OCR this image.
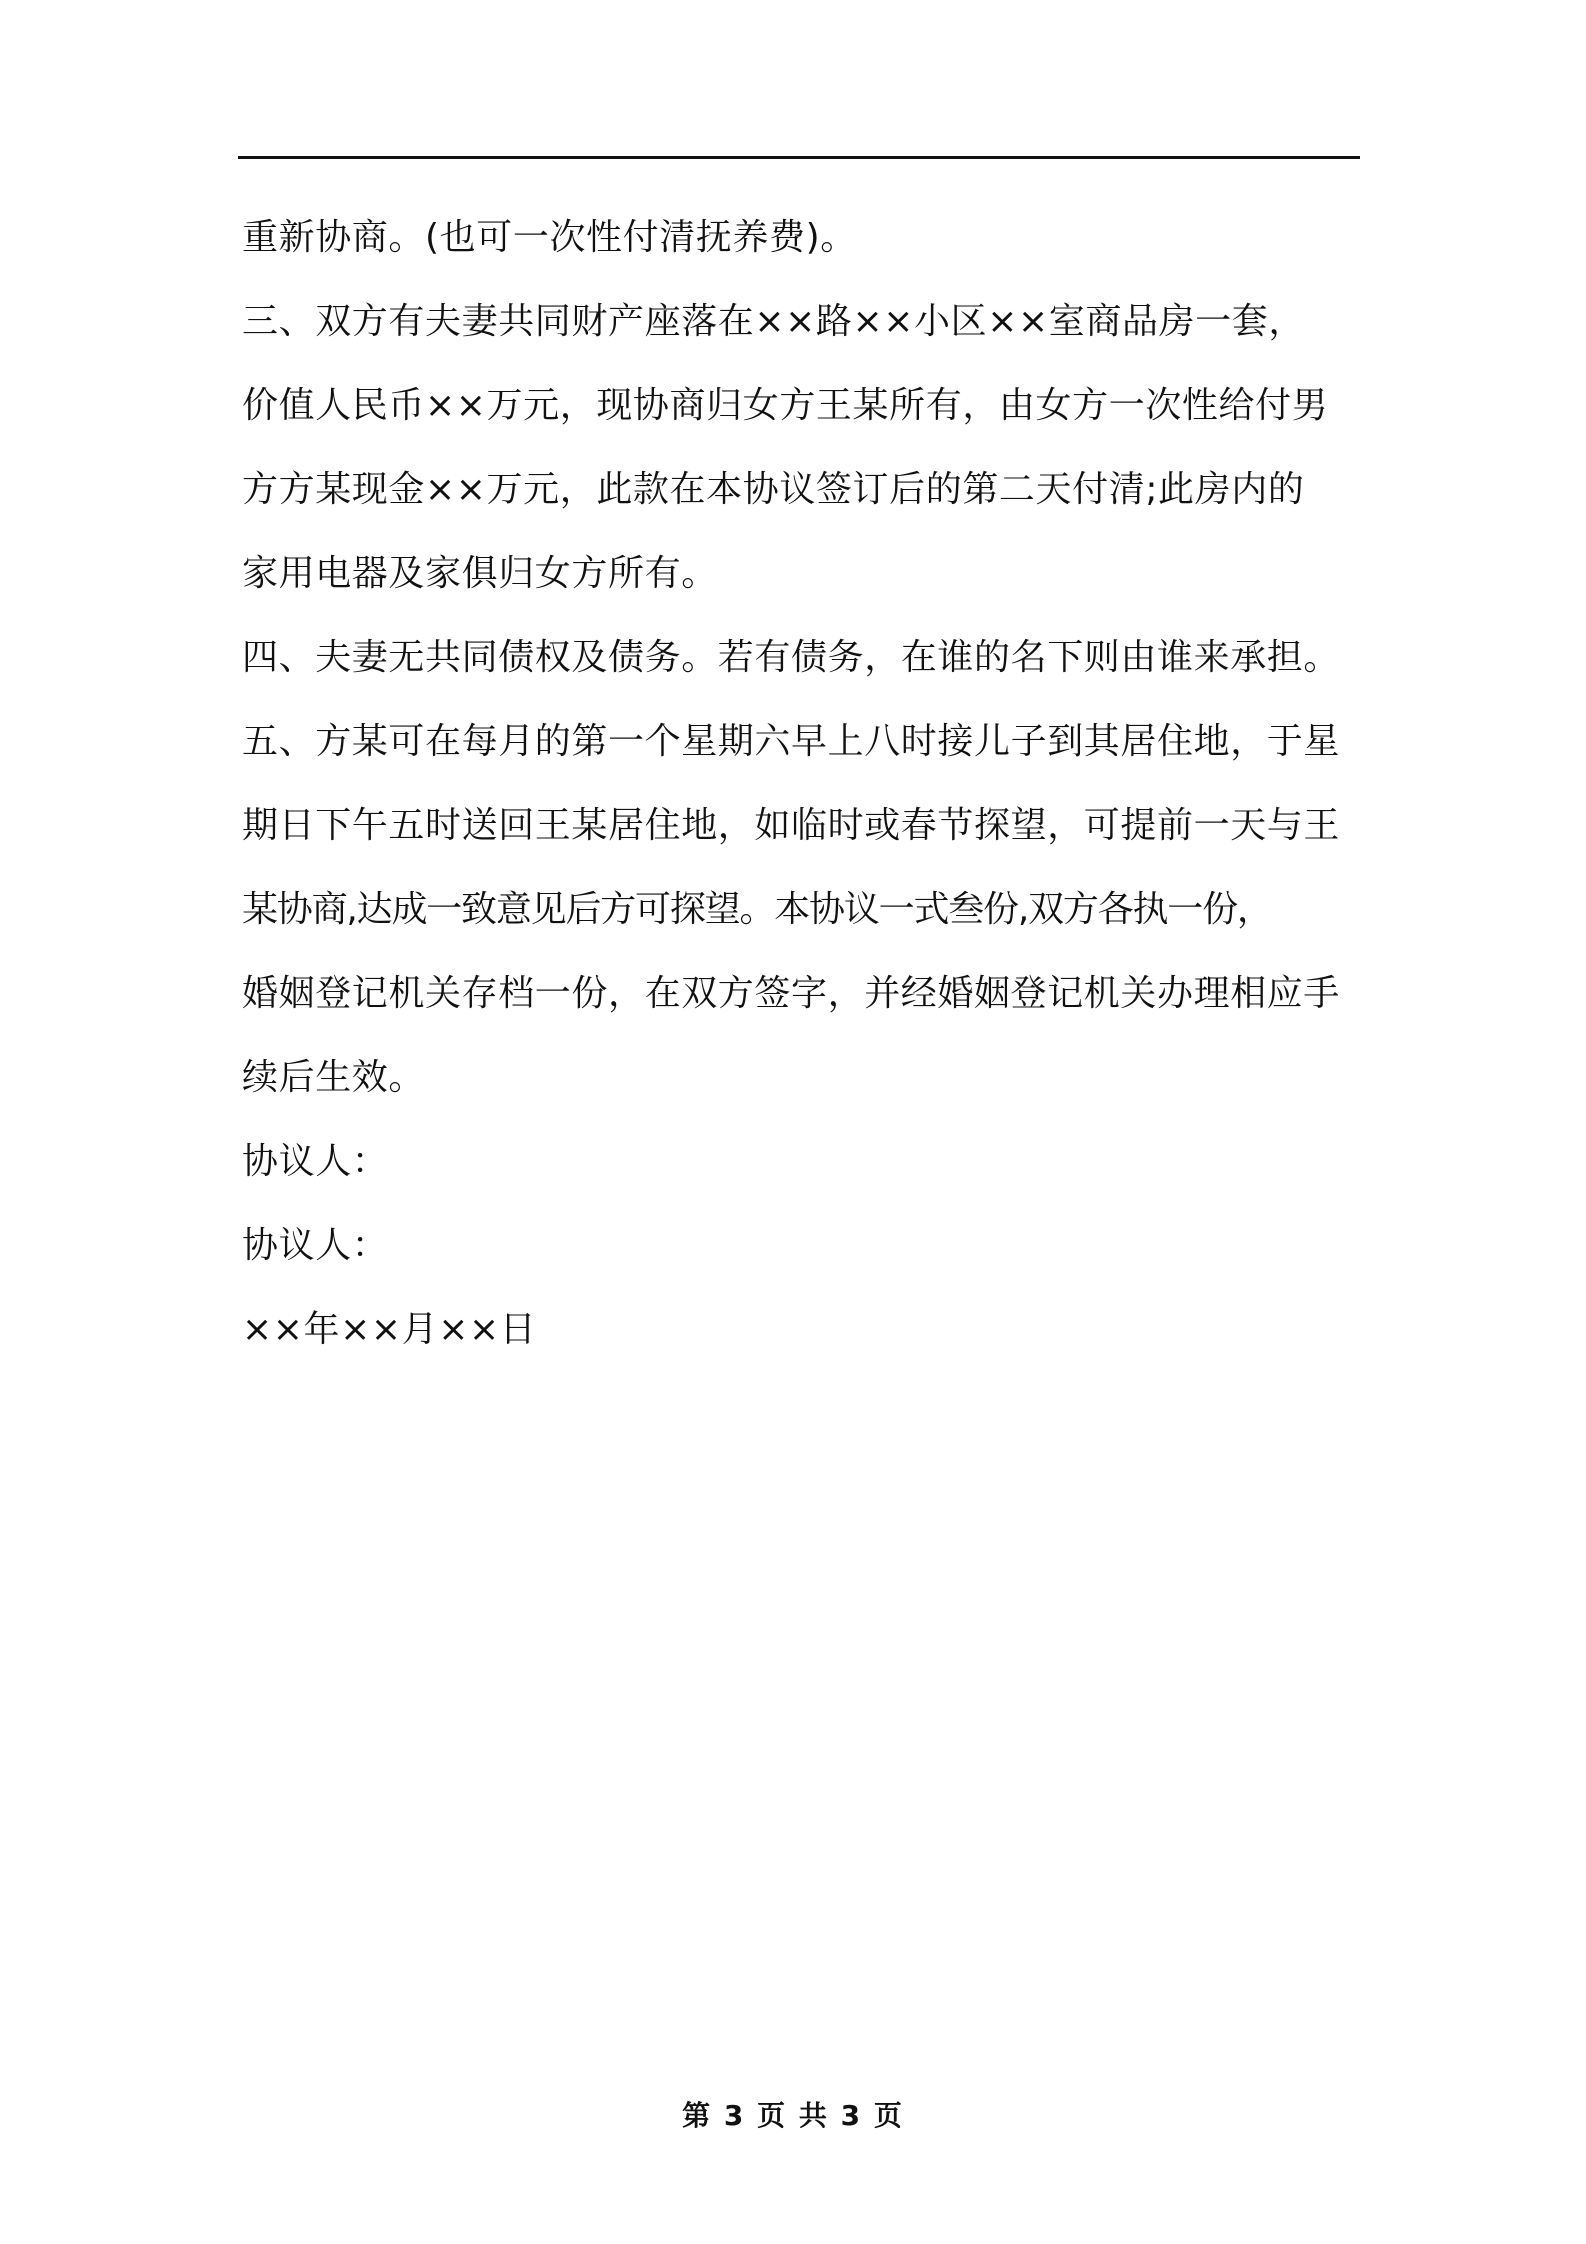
重新协商。(也可一次性付清抚养费)。
三、双方有夫妻共同财产座落在××路××小区××室商品房一套，
价值人民币××万元，现协商归女方王某所有，由女方一次性给付男
方方某现金××万元，此款在本协议签订后的第二天付清;此房内的
家用电器及家俱归女方所有。
四、夫妻无共同债权及债务。若有债务，在谁的名下则由谁来承担。
五、方某可在每月的第一个星期六早上八时接儿子到其居住地，于星
期日下午五时送回王某居住地，如临时或春节探望，可提前一天与王
某协商,达成一致意见后方可探望。本协议一式叁份,双方各执一份，
婚姻登记机关存档一份，在双方签字，并经婚姻登记机关办理相应手
续后生效。
协议人：
协议人：
××年××月××日
第 3 页 共 3 页
